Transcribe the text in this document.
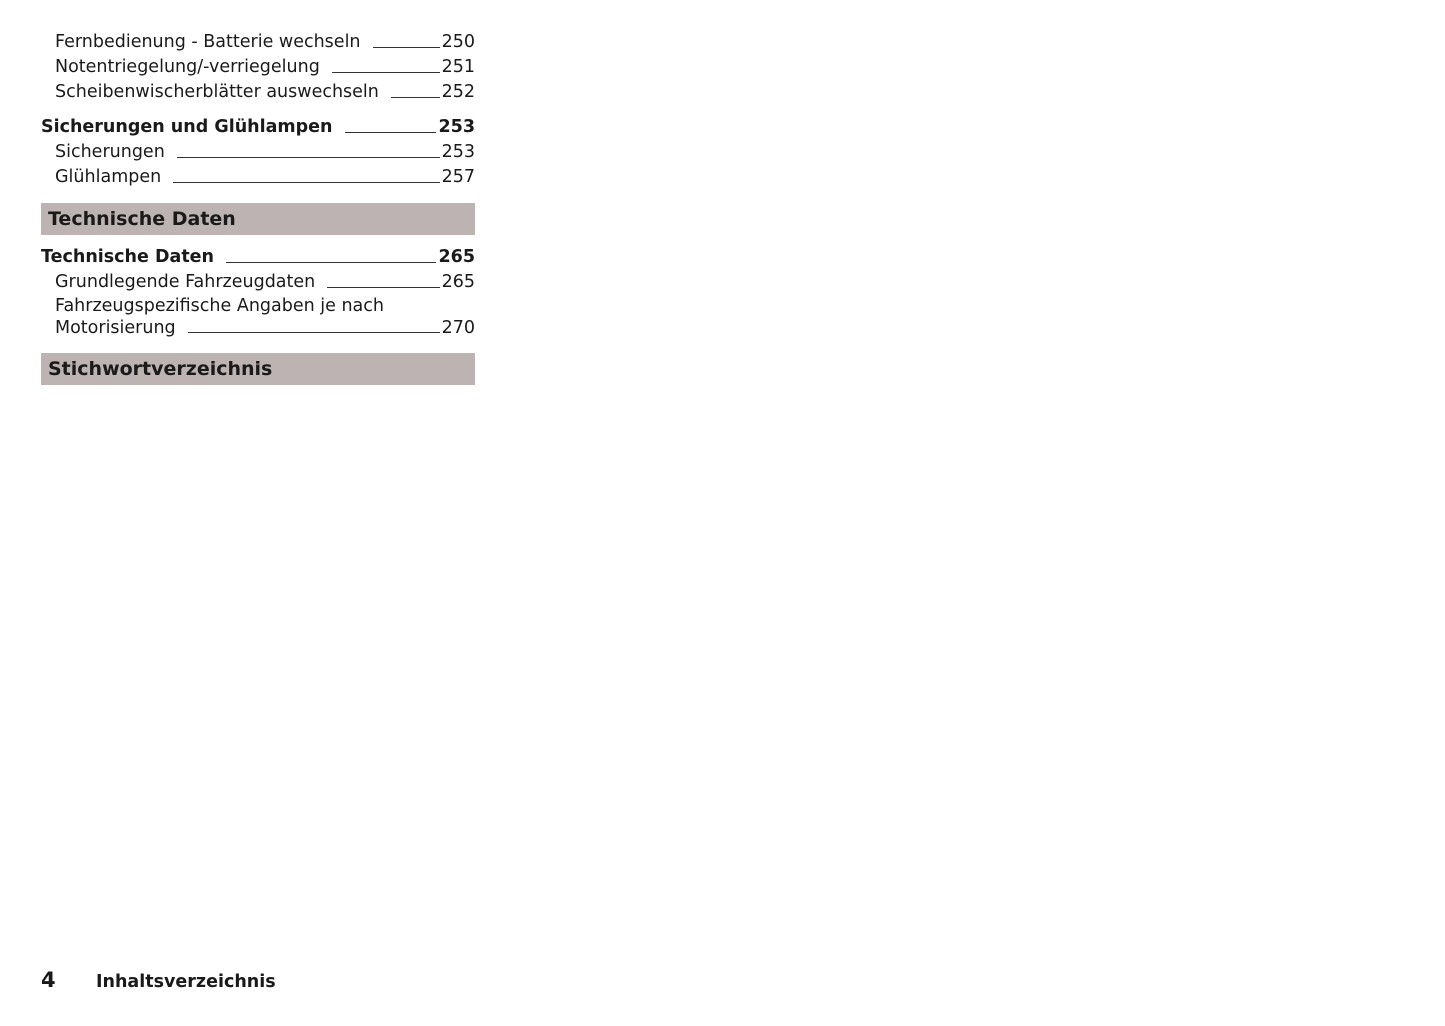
Fernbedienung - Batterie wechseln	250
Notentriegelung/-verriegelung	251
Scheibenwischerblätter auswechseln	252
Sicherungen und Glühlampen	253
Sicherungen	253
Glühlampen	257
Technische Daten
Technische Daten	265
Grundlegende Fahrzeugdaten	265
Fahrzeugspezifische Angaben je nach
Motorisierung	270
Stichwortverzeichnis
4	Inhaltsverzeichnis
